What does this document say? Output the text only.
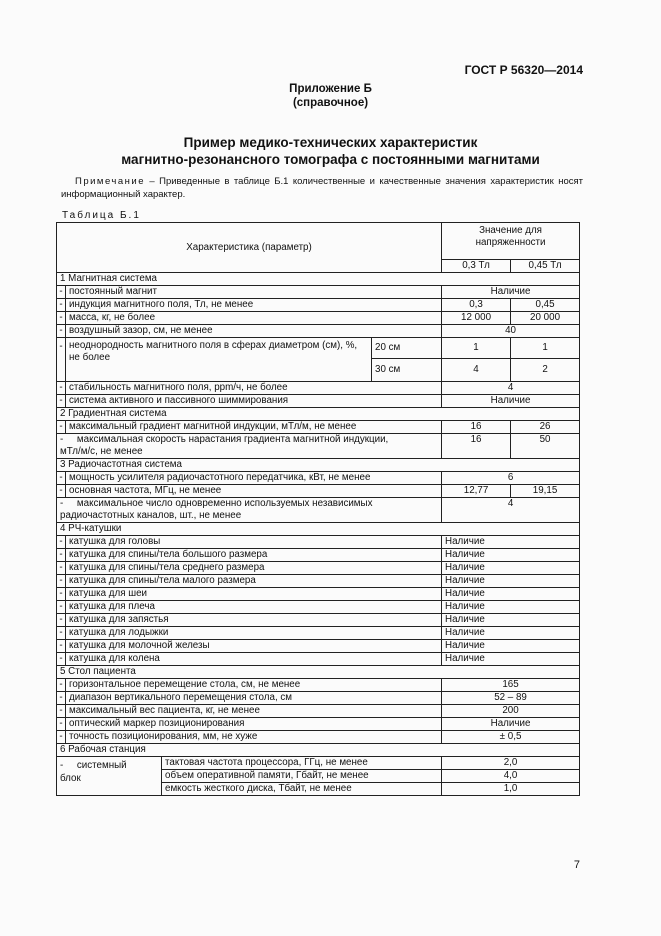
ГОСТ Р 56320—2014
Приложение Б
(справочное)
Пример медико-технических характеристик
магнитно-резонансного томографа с постоянными магнитами
Примечание – Приведенные в таблице Б.1 количественные и качественные значения характеристик носят информационный характер.
Таблица Б.1
Характеристика (параметр)				Значение для напряженности	
				0,3 Тл	0,45 Тл
1 Магнитная система					
-	постоянный магнит			Наличие	
-	индукция магнитного поля, Тл, не менее			0,3	0,45
-	масса, кг, не более			12 000	20 000
-	воздушный зазор, см, не менее			40	
-	неоднородность магнитного поля в сферах диаметром (см), %, не более		20 см	1	1
			30 см	4	2
-	стабильность магнитного поля, ppm/ч, не более			4	
-	система активного и пассивного шиммирования			Наличие	
2 Градиентная система					
-	максимальный градиент магнитной индукции, мТл/м, не менее			16	26
- максимальная скорость нарастания градиента магнитной индукции,
мТл/м/с, не менее				16	50
3 Радиочастотная система					
-	мощность усилителя радиочастотного передатчика, кВт, не менее			6	
-	основная частота, МГц, не менее			12,77	19,15
- максимальное число одновременно используемых независимых
радиочастотных каналов, шт., не менее				4	
4 РЧ-катушки					
-	катушка для головы			Наличие	
-	катушка для спины/тела большого размера			Наличие	
-	катушка для спины/тела среднего размера			Наличие	
-	катушка для спины/тела малого размера			Наличие	
-	катушка для шеи			Наличие	
-	катушка для плеча			Наличие	
-	катушка для запястья			Наличие	
-	катушка для лодыжки			Наличие	
-	катушка для молочной железы			Наличие	
-	катушка для колена			Наличие	
5 Стол пациента					
-	горизонтальное перемещение стола, см, не менее			165	
-	диапазон вертикального перемещения стола, см			52 – 89	
-	максимальный вес пациента, кг, не менее			200	
-	оптический маркер позиционирования			Наличие	
-	точность позиционирования, мм, не хуже			± 0,5	
6 Рабочая станция					
- системный
блок		тактовая частота процессора, ГГц, не менее		2,0	
		объем оперативной памяти, Гбайт, не менее		4,0	
		емкость жесткого диска, Тбайт, не менее		1,0	
7
